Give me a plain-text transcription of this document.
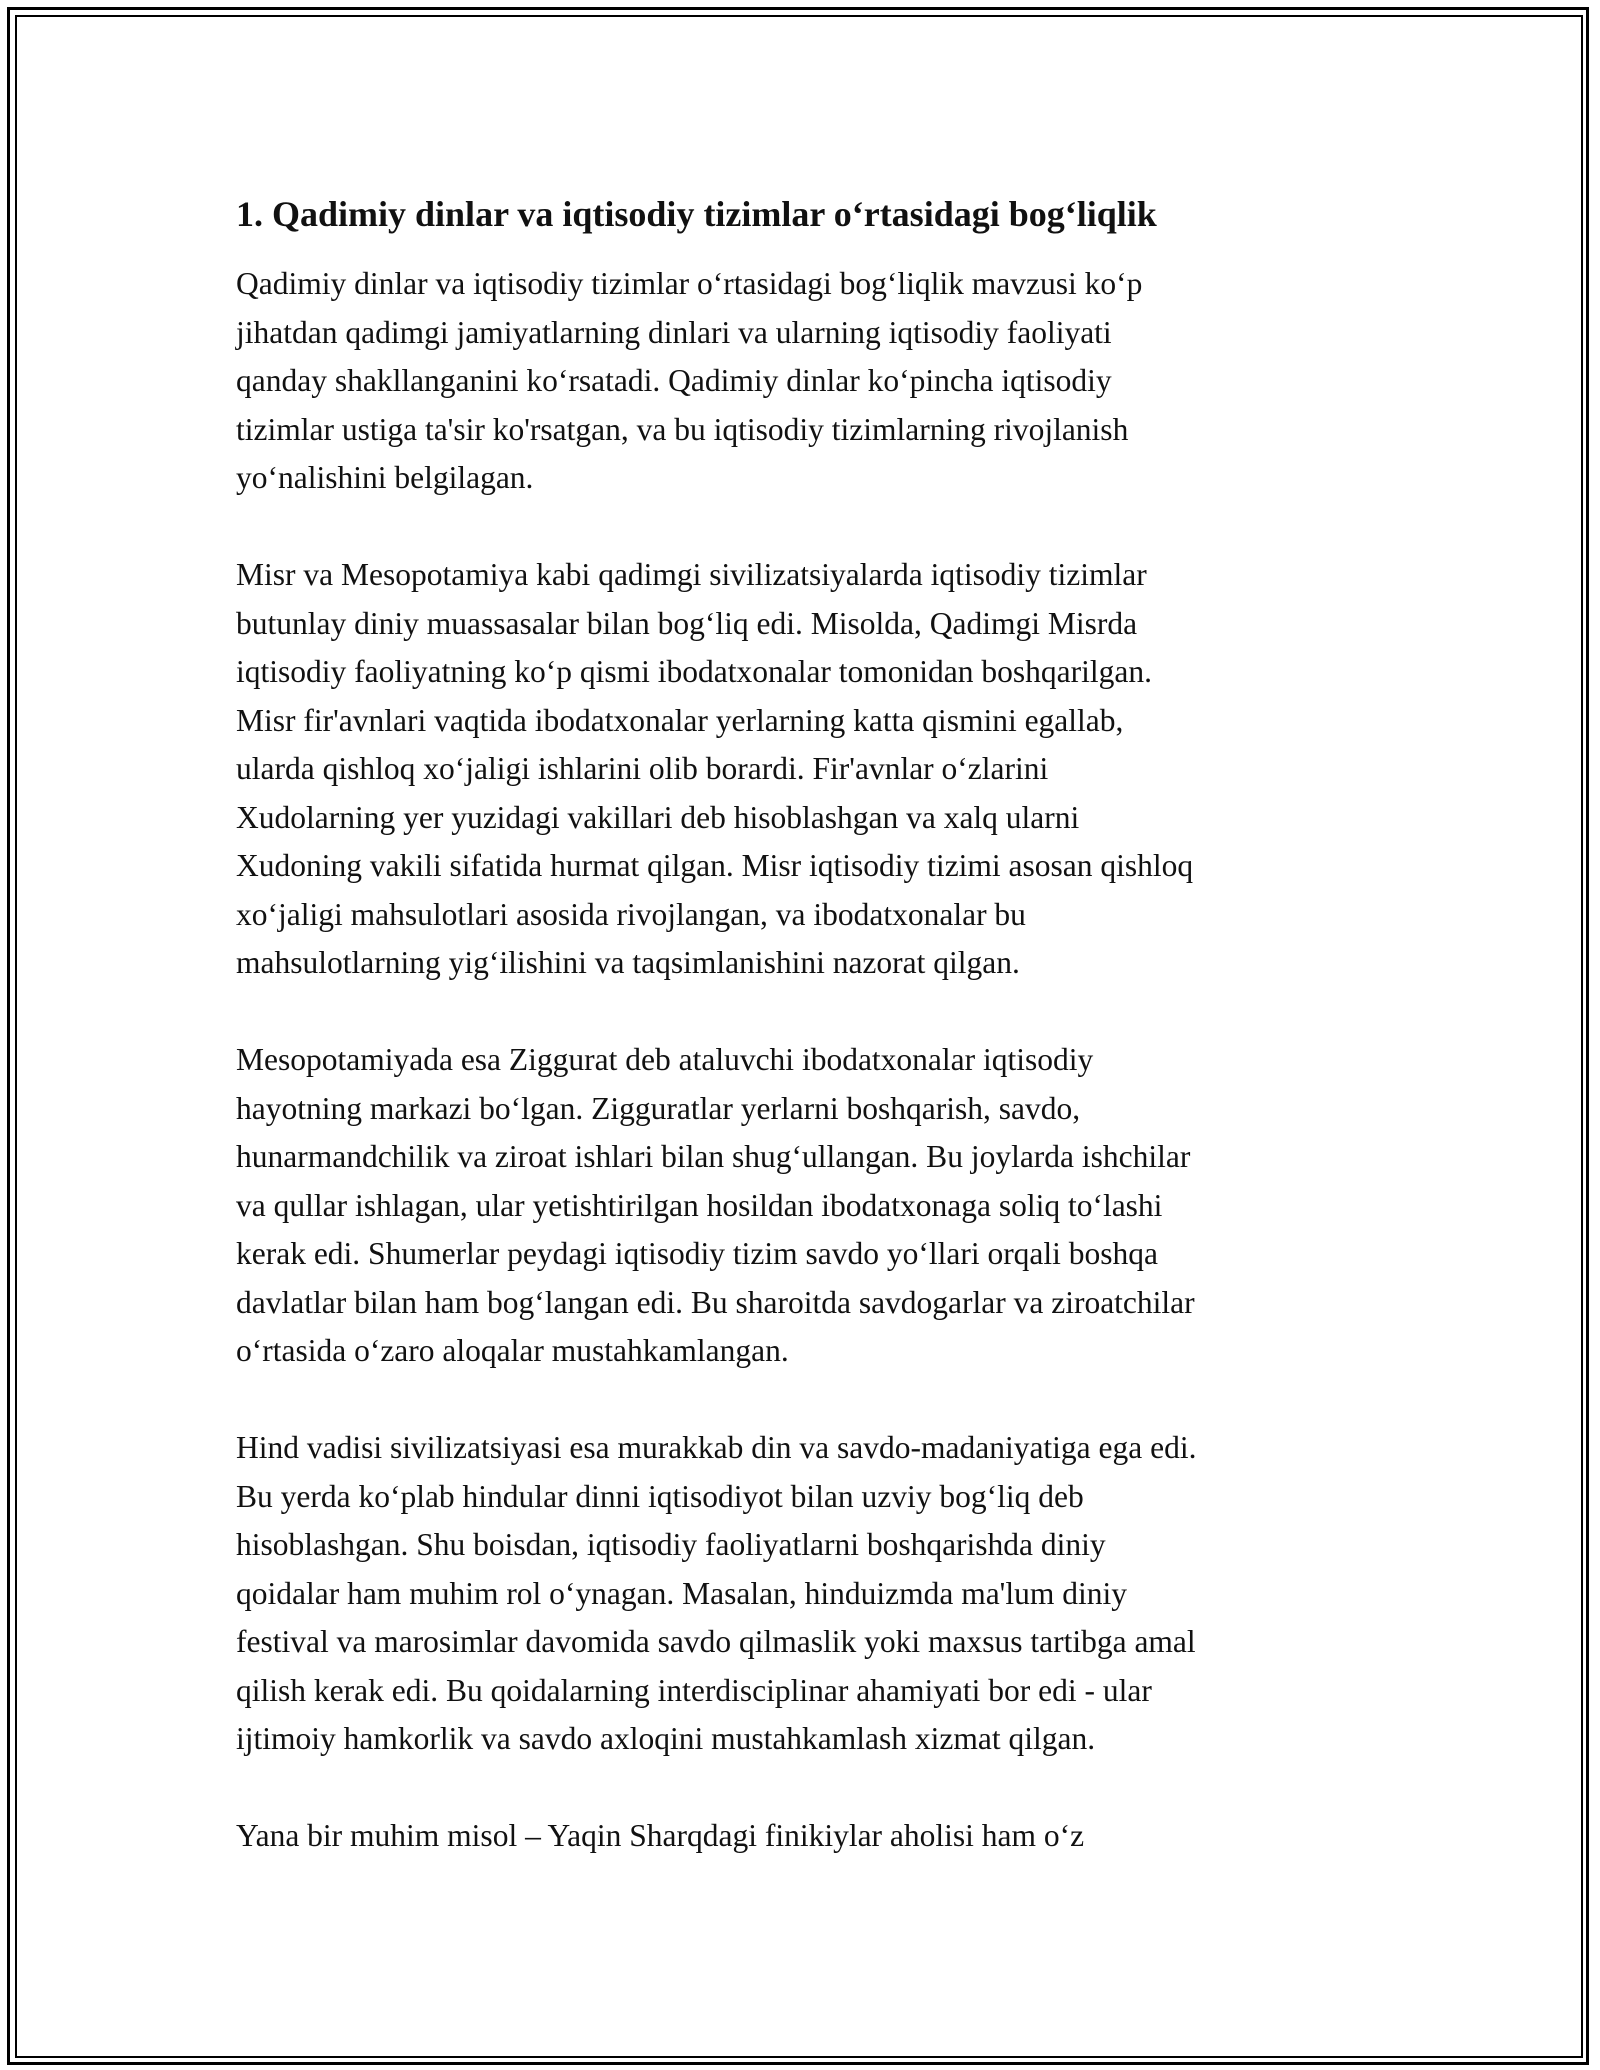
1. Qadimiy dinlar va iqtisodiy tizimlar o‘rtasidagi bog‘liqlik

Qadimiy dinlar va iqtisodiy tizimlar o‘rtasidagi bog‘liqlik mavzusi ko‘p
jihatdan qadimgi jamiyatlarning dinlari va ularning iqtisodiy faoliyati
qanday shakllanganini ko‘rsatadi. Qadimiy dinlar ko‘pincha iqtisodiy
tizimlar ustiga ta'sir ko'rsatgan, va bu iqtisodiy tizimlarning rivojlanish
yo‘nalishini belgilagan.

Misr va Mesopotamiya kabi qadimgi sivilizatsiyalarda iqtisodiy tizimlar
butunlay diniy muassasalar bilan bog‘liq edi. Misolda, Qadimgi Misrda
iqtisodiy faoliyatning ko‘p qismi ibodatxonalar tomonidan boshqarilgan.
Misr fir'avnlari vaqtida ibodatxonalar yerlarning katta qismini egallab,
ularda qishloq xo‘jaligi ishlarini olib borardi. Fir'avnlar o‘zlarini
Xudolarning yer yuzidagi vakillari deb hisoblashgan va xalq ularni
Xudoning vakili sifatida hurmat qilgan. Misr iqtisodiy tizimi asosan qishloq
xo‘jaligi mahsulotlari asosida rivojlangan, va ibodatxonalar bu
mahsulotlarning yig‘ilishini va taqsimlanishini nazorat qilgan.

Mesopotamiyada esa Ziggurat deb ataluvchi ibodatxonalar iqtisodiy
hayotning markazi bo‘lgan. Zigguratlar yerlarni boshqarish, savdo,
hunarmandchilik va ziroat ishlari bilan shug‘ullangan. Bu joylarda ishchilar
va qullar ishlagan, ular yetishtirilgan hosildan ibodatxonaga soliq to‘lashi
kerak edi. Shumerlar peydagi iqtisodiy tizim savdo yo‘llari orqali boshqa
davlatlar bilan ham bog‘langan edi. Bu sharoitda savdogarlar va ziroatchilar
o‘rtasida o‘zaro aloqalar mustahkamlangan.

Hind vadisi sivilizatsiyasi esa murakkab din va savdo-madaniyatiga ega edi.
Bu yerda ko‘plab hindular dinni iqtisodiyot bilan uzviy bog‘liq deb
hisoblashgan. Shu boisdan, iqtisodiy faoliyatlarni boshqarishda diniy
qoidalar ham muhim rol o‘ynagan. Masalan, hinduizmda ma'lum diniy
festival va marosimlar davomida savdo qilmaslik yoki maxsus tartibga amal
qilish kerak edi. Bu qoidalarning interdisciplinar ahamiyati bor edi - ular
ijtimoiy hamkorlik va savdo axloqini mustahkamlash xizmat qilgan.

Yana bir muhim misol – Yaqin Sharqdagi finikiylar aholisi ham o‘z
